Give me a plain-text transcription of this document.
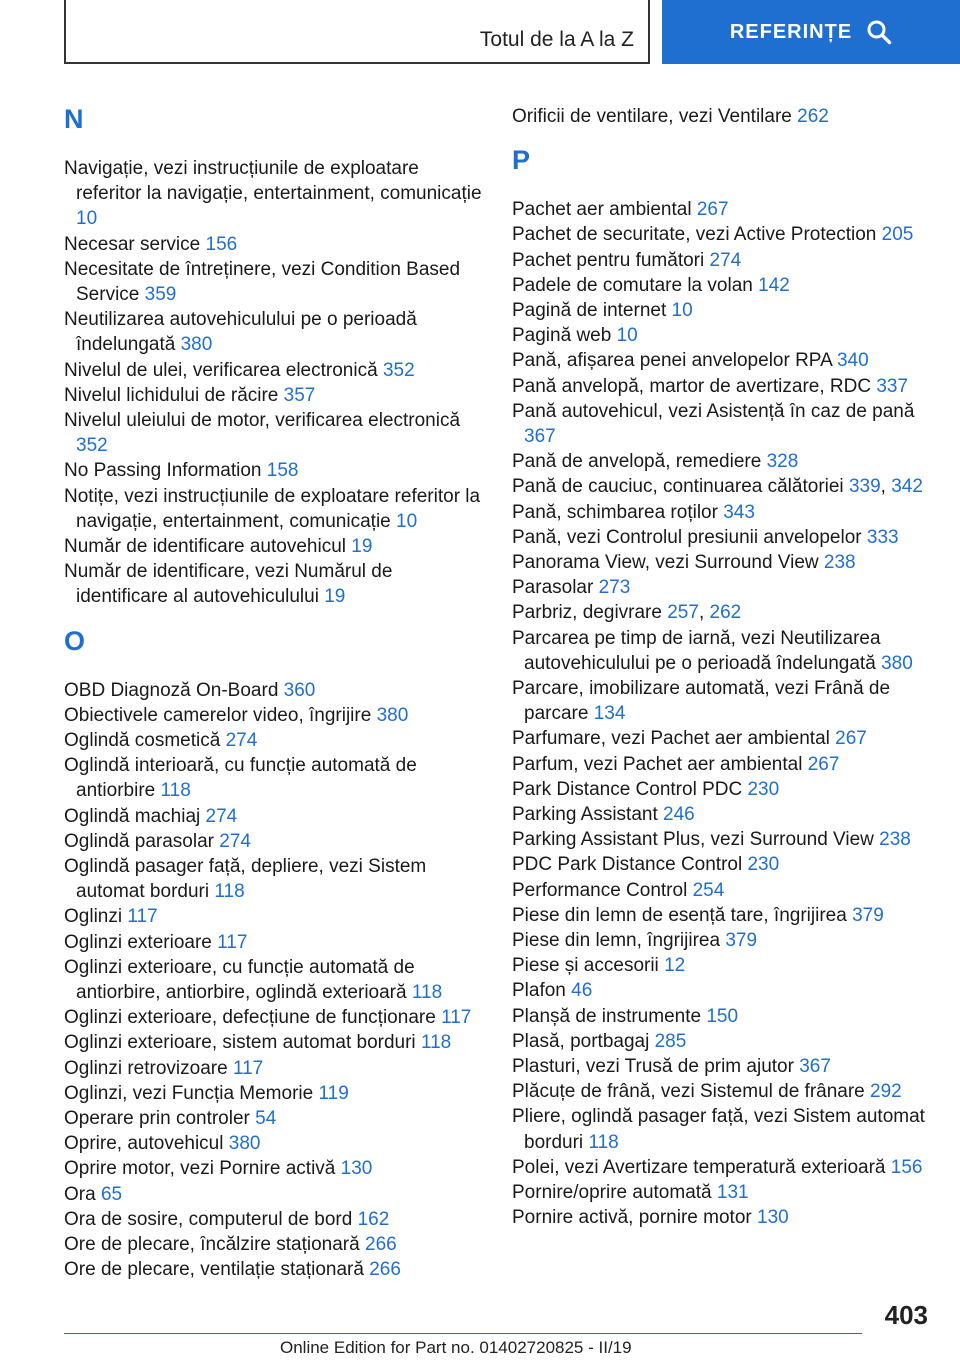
Totul de la A la Z	REFERINȚE
N
Navigație, vezi instrucțiunile de exploatare referitor la navigație, entertainment, comunicație 10
Necesar service 156
Necesitate de întreținere, vezi Condition Based Service 359
Neutilizarea autovehiculului pe o perioadă îndelungată 380
Nivelul de ulei, verificarea electronică 352
Nivelul lichidului de răcire 357
Nivelul uleiului de motor, verificarea electronică 352
No Passing Information 158
Notițe, vezi instrucțiunile de exploatare referitor la navigație, entertainment, comunicație 10
Număr de identificare autovehicul 19
Număr de identificare, vezi Numărul de identificare al autovehiculului 19
O
OBD Diagnoză On-Board 360
Obiectivele camerelor video, îngrijire 380
Oglindă cosmetică 274
Oglindă interioară, cu funcție automată de antiorbire 118
Oglindă machiaj 274
Oglindă parasolar 274
Oglindă pasager față, depliere, vezi Sistem automat borduri 118
Oglinzi 117
Oglinzi exterioare 117
Oglinzi exterioare, cu funcție automată de antiorbire, antiorbire, oglindă exterioară 118
Oglinzi exterioare, defecțiune de funcționare 117
Oglinzi exterioare, sistem automat borduri 118
Oglinzi retrovizoare 117
Oglinzi, vezi Funcția Memorie 119
Operare prin controler 54
Oprire, autovehicul 380
Oprire motor, vezi Pornire activă 130
Ora 65
Ora de sosire, computerul de bord 162
Ore de plecare, încălzire staționară 266
Ore de plecare, ventilație staționară 266
Orificii de ventilare, vezi Ventilare 262
P
Pachet aer ambiental 267
Pachet de securitate, vezi Active Protection 205
Pachet pentru fumători 274
Padele de comutare la volan 142
Pagină de internet 10
Pagină web 10
Pană, afișarea penei anvelopelor RPA 340
Pană anvelopă, martor de avertizare, RDC 337
Pană autovehicul, vezi Asistență în caz de pană 367
Pană de anvelopă, remediere 328
Pană de cauciuc, continuarea călătoriei 339, 342
Pană, schimbarea roților 343
Pană, vezi Controlul presiunii anvelopelor 333
Panorama View, vezi Surround View 238
Parasolar 273
Parbriz, degivrare 257, 262
Parcarea pe timp de iarnă, vezi Neutilizarea autovehiculului pe o perioadă îndelungată 380
Parcare, imobilizare automată, vezi Frână de parcare 134
Parfumare, vezi Pachet aer ambiental 267
Parfum, vezi Pachet aer ambiental 267
Park Distance Control PDC 230
Parking Assistant 246
Parking Assistant Plus, vezi Surround View 238
PDC Park Distance Control 230
Performance Control 254
Piese din lemn de esență tare, îngrijirea 379
Piese din lemn, îngrijirea 379
Piese și accesorii 12
Plafon 46
Planșă de instrumente 150
Plasă, portbagaj 285
Plasturi, vezi Trusă de prim ajutor 367
Plăcuțe de frână, vezi Sistemul de frânare 292
Pliere, oglindă pasager față, vezi Sistem automat borduri 118
Polei, vezi Avertizare temperatură exterioară 156
Pornire/oprire automată 131
Pornire activă, pornire motor 130
403
Online Edition for Part no. 01402720825 - II/19
